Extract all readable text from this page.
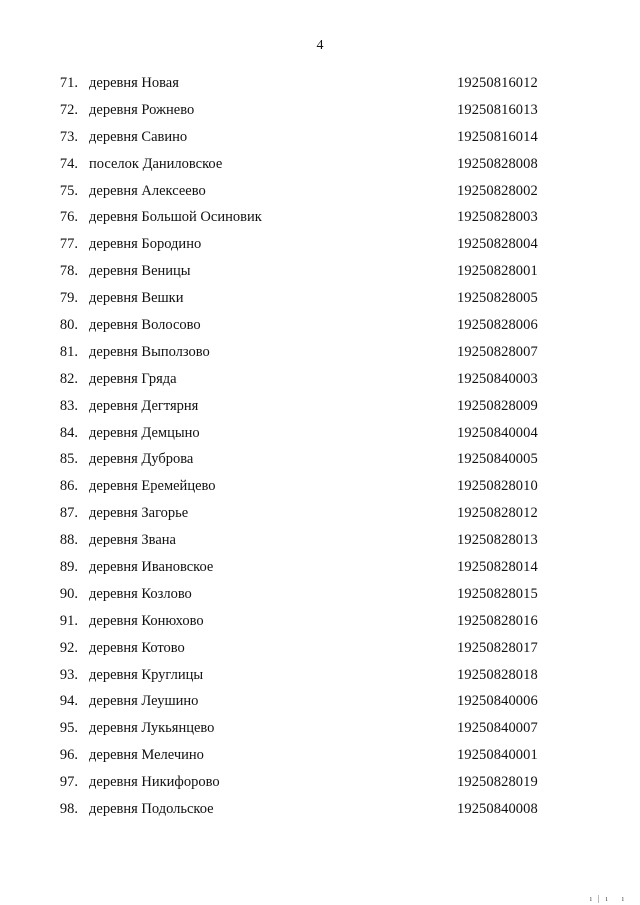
4
71. деревня Новая	19250816012
72. деревня Рожнево	19250816013
73. деревня Савино	19250816014
74. поселок Даниловское	19250828008
75. деревня Алексеево	19250828002
76. деревня Большой Осиновик	19250828003
77. деревня Бородино	19250828004
78. деревня Веницы	19250828001
79. деревня Вешки	19250828005
80. деревня Волосово	19250828006
81. деревня Выползово	19250828007
82. деревня Гряда	19250840003
83. деревня Дегтярня	19250828009
84. деревня Демцыно	19250840004
85. деревня Дуброва	19250840005
86. деревня Еремейцево	19250828010
87. деревня Загорье	19250828012
88. деревня Звана	19250828013
89. деревня Ивановское	19250828014
90. деревня Козлово	19250828015
91. деревня Конюхово	19250828016
92. деревня Котово	19250828017
93. деревня Круглицы	19250828018
94. деревня Леушино	19250840006
95. деревня Лукьянцево	19250840007
96. деревня Мелечино	19250840001
97. деревня Никифорово	19250828019
98. деревня Подольское	19250840008
ı|ı ı
